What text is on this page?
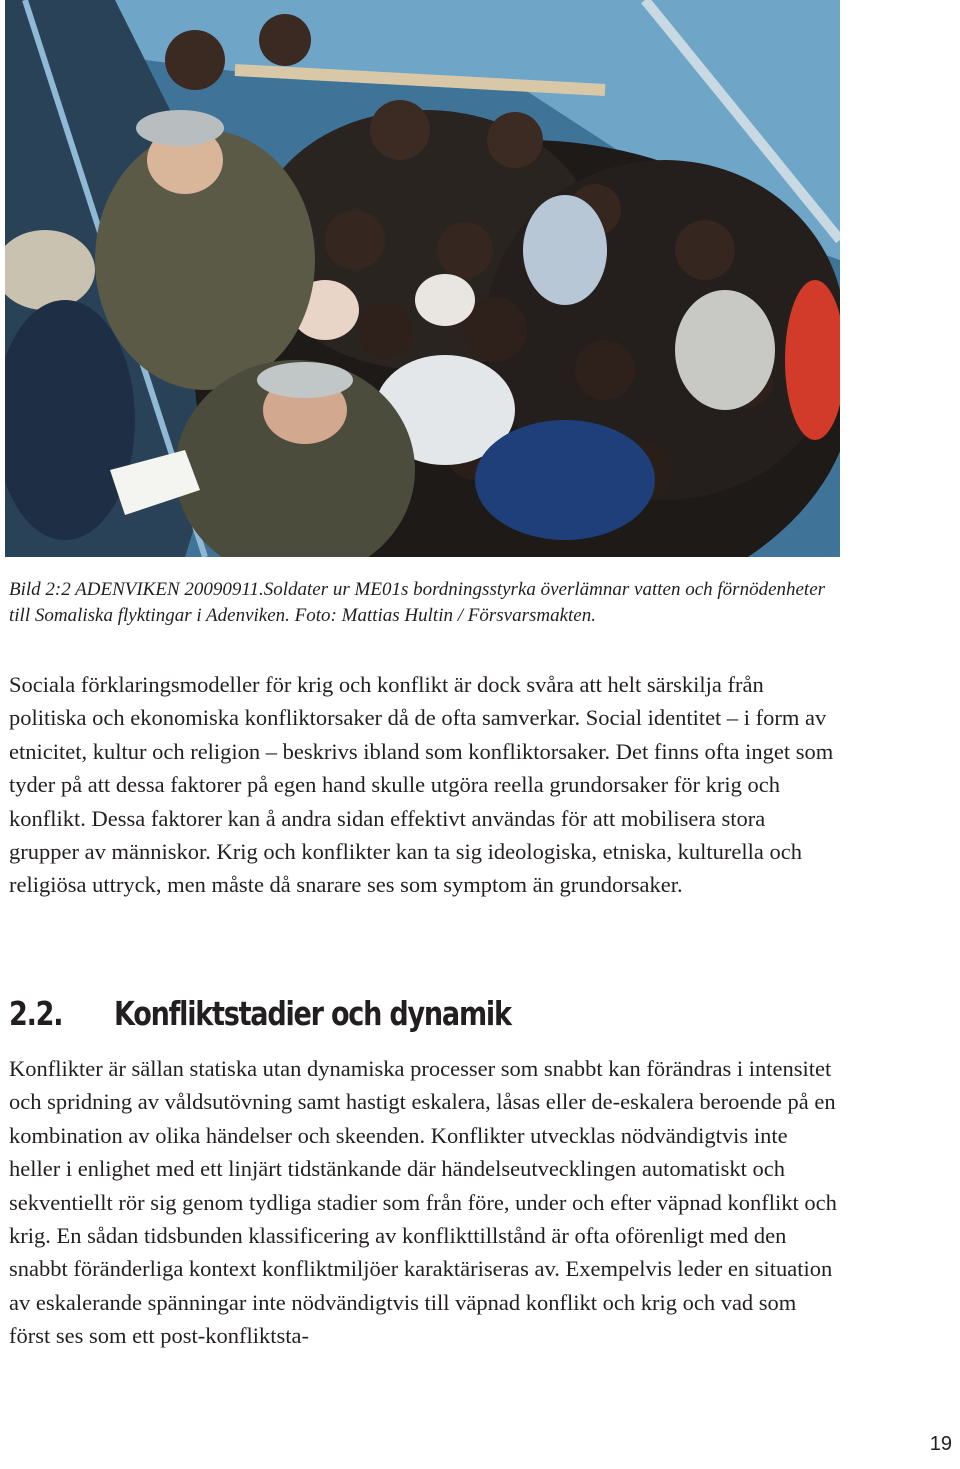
Bild 2:2 ADENVIKEN 20090911.Soldater ur ME01s bordningsstyrka överlämnar vatten och förnödenheter till Somaliska flyktingar i Adenviken. Foto: Mattias Hultin / Försvarsmakten.

Sociala förklaringsmodeller för krig och konflikt är dock svåra att helt särskilja från politiska och ekonomiska konfliktorsaker då de ofta samverkar. Social identitet – i form av etnicitet, kultur och religion – beskrivs ibland som konfliktorsaker. Det finns ofta inget som tyder på att dessa faktorer på egen hand skulle utgöra reella grundorsaker för krig och konflikt. Dessa faktorer kan å andra sidan effektivt användas för att mobilisera stora grupper av människor. Krig och konflikter kan ta sig ideologiska, etniska, kulturella och religiösa uttryck, men måste då snarare ses som symptom än grundorsaker.

2.2. Konfliktstadier och dynamik

Konflikter är sällan statiska utan dynamiska processer som snabbt kan förändras i intensitet och spridning av våldsutövning samt hastigt eskalera, låsas eller de-eskalera beroende på en kombination av olika händelser och skeenden. Konflikter utvecklas nödvändigtvis inte heller i enlighet med ett linjärt tidstänkande där händelseutvecklingen automatiskt och sekventiellt rör sig genom tydliga stadier som från före, under och efter väpnad konflikt och krig. En sådan tidsbunden klassificering av konflikttillstånd är ofta oförenligt med den snabbt föränderliga kontext konfliktmiljöer karaktäriseras av. Exempelvis leder en situation av eskalerande spänningar inte nödvändigtvis till väpnad konflikt och krig och vad som först ses som ett post-konfliktsta-

19
